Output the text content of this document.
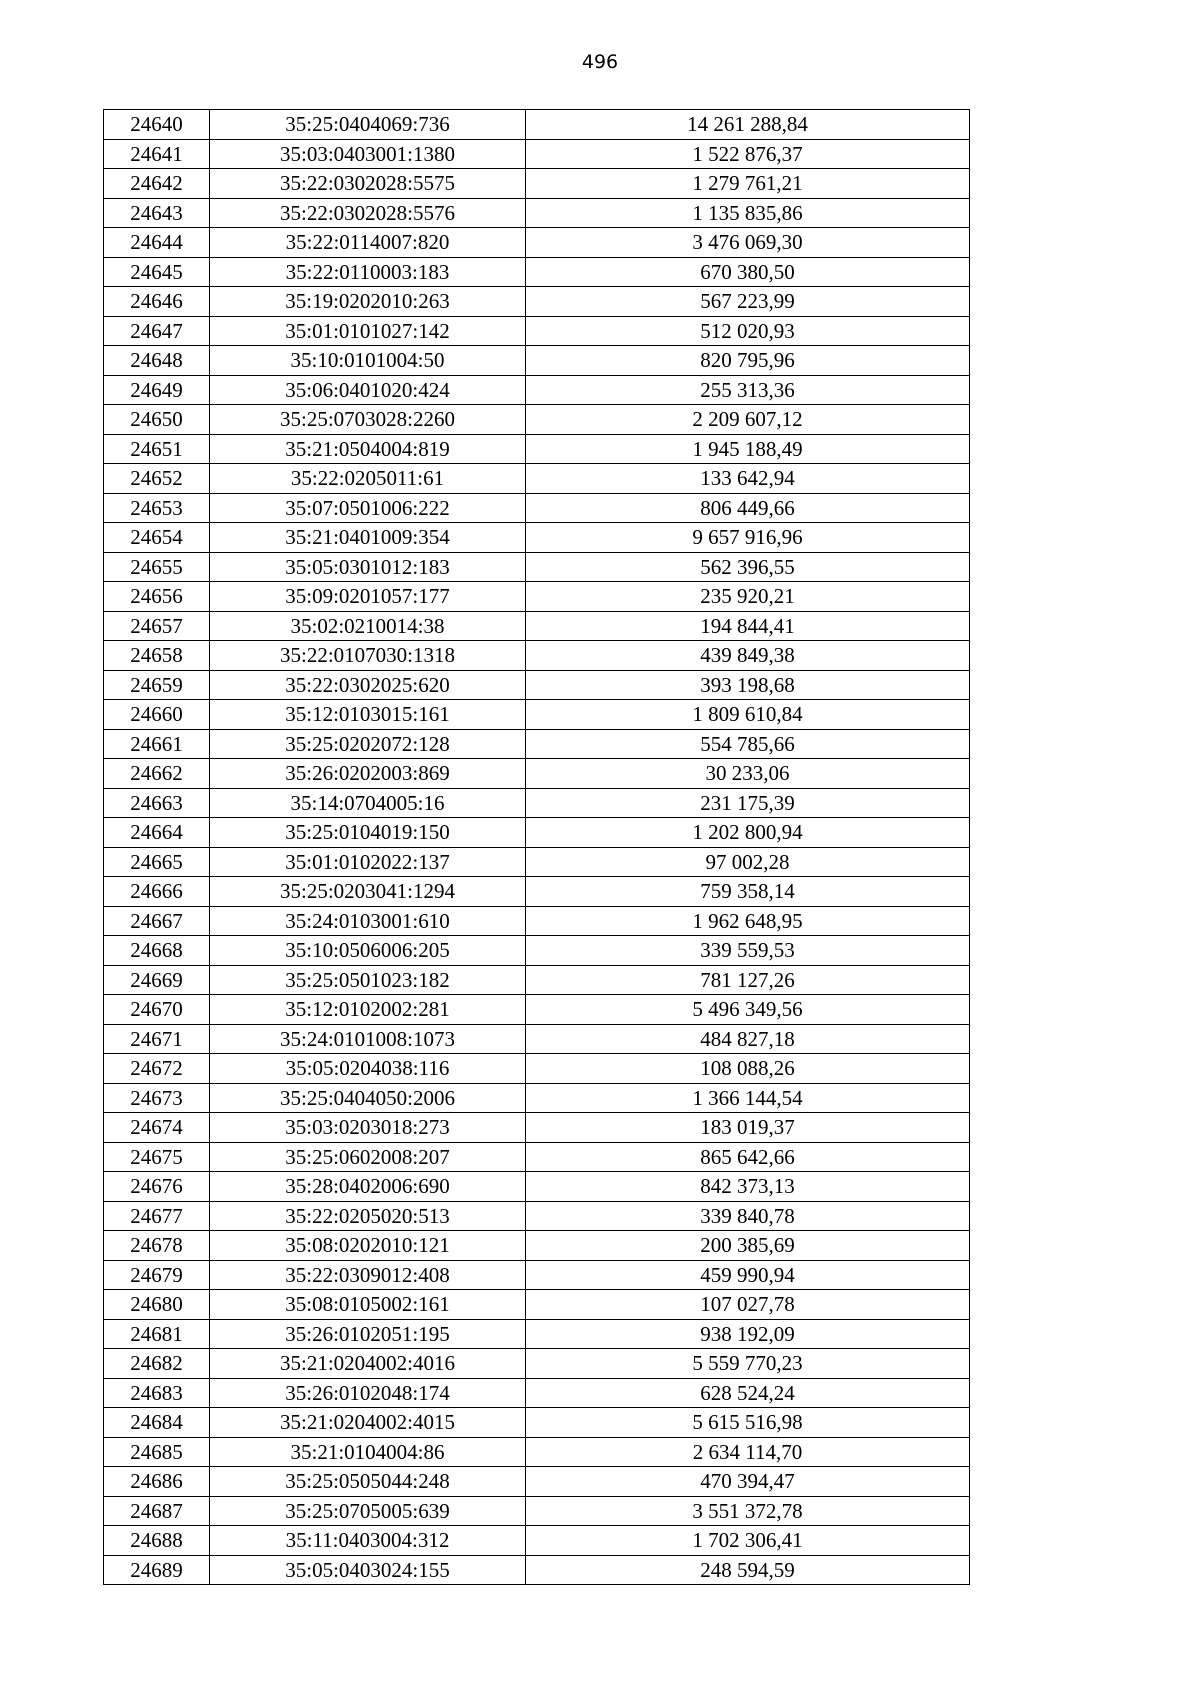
496
24640	35:25:0404069:736	14 261 288,84
24641	35:03:0403001:1380	1 522 876,37
24642	35:22:0302028:5575	1 279 761,21
24643	35:22:0302028:5576	1 135 835,86
24644	35:22:0114007:820	3 476 069,30
24645	35:22:0110003:183	670 380,50
24646	35:19:0202010:263	567 223,99
24647	35:01:0101027:142	512 020,93
24648	35:10:0101004:50	820 795,96
24649	35:06:0401020:424	255 313,36
24650	35:25:0703028:2260	2 209 607,12
24651	35:21:0504004:819	1 945 188,49
24652	35:22:0205011:61	133 642,94
24653	35:07:0501006:222	806 449,66
24654	35:21:0401009:354	9 657 916,96
24655	35:05:0301012:183	562 396,55
24656	35:09:0201057:177	235 920,21
24657	35:02:0210014:38	194 844,41
24658	35:22:0107030:1318	439 849,38
24659	35:22:0302025:620	393 198,68
24660	35:12:0103015:161	1 809 610,84
24661	35:25:0202072:128	554 785,66
24662	35:26:0202003:869	30 233,06
24663	35:14:0704005:16	231 175,39
24664	35:25:0104019:150	1 202 800,94
24665	35:01:0102022:137	97 002,28
24666	35:25:0203041:1294	759 358,14
24667	35:24:0103001:610	1 962 648,95
24668	35:10:0506006:205	339 559,53
24669	35:25:0501023:182	781 127,26
24670	35:12:0102002:281	5 496 349,56
24671	35:24:0101008:1073	484 827,18
24672	35:05:0204038:116	108 088,26
24673	35:25:0404050:2006	1 366 144,54
24674	35:03:0203018:273	183 019,37
24675	35:25:0602008:207	865 642,66
24676	35:28:0402006:690	842 373,13
24677	35:22:0205020:513	339 840,78
24678	35:08:0202010:121	200 385,69
24679	35:22:0309012:408	459 990,94
24680	35:08:0105002:161	107 027,78
24681	35:26:0102051:195	938 192,09
24682	35:21:0204002:4016	5 559 770,23
24683	35:26:0102048:174	628 524,24
24684	35:21:0204002:4015	5 615 516,98
24685	35:21:0104004:86	2 634 114,70
24686	35:25:0505044:248	470 394,47
24687	35:25:0705005:639	3 551 372,78
24688	35:11:0403004:312	1 702 306,41
24689	35:05:0403024:155	248 594,59
